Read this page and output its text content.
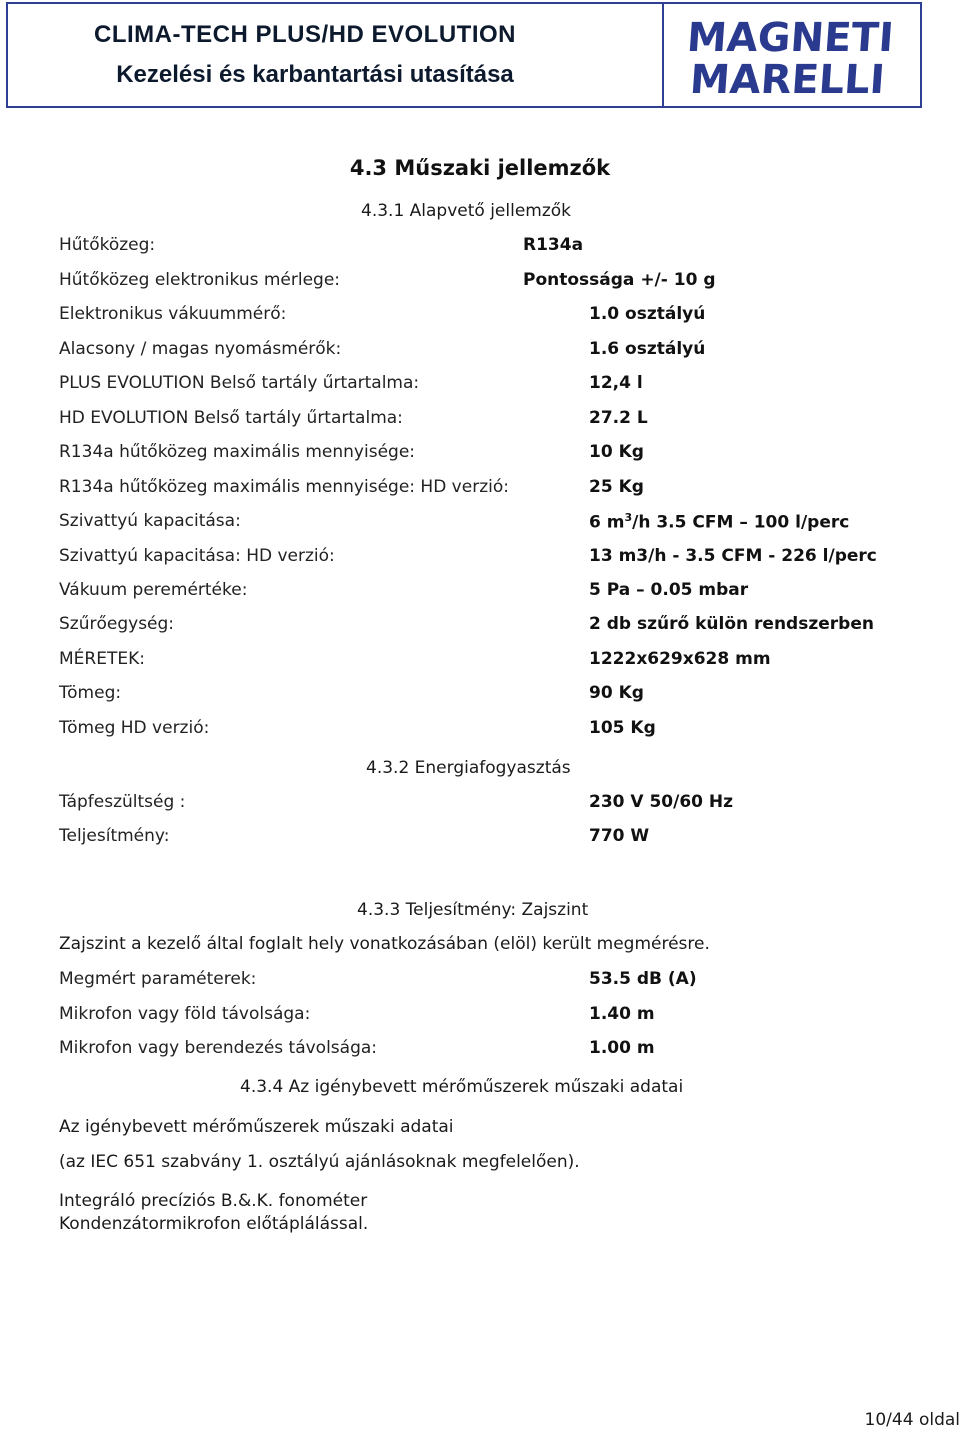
CLIMA-TECH PLUS/HD EVOLUTION
Kezelési és karbantartási utasítása
MAGNETI
MARELLI
4.3 Műszaki jellemzők
4.3.1 Alapvető jellemzők
Hűtőközeg:	R134a
Hűtőközeg elektronikus mérlege:	Pontossága +/- 10 g
Elektronikus vákuummérő:	1.0 osztályú
Alacsony / magas nyomásmérők:	1.6 osztályú
PLUS EVOLUTION Belső tartály űrtartalma:	12,4 l
HD EVOLUTION Belső tartály űrtartalma:	27.2 L
R134a hűtőközeg maximális mennyisége:	10 Kg
R134a hűtőközeg maximális mennyisége: HD verzió:	25 Kg
Szivattyú kapacitása:	6 $m^3/h$ 3.5 CFM – 100 l/perc
Szivattyú kapacitása: HD verzió:	13 m3/h - 3.5 CFM - 226 l/perc
Vákuum peremértéke:	5 Pa – 0.05 mbar
Szűrőegység:	2 db szűrő külön rendszerben
MÉRETEK:	1222x629x628 mm
Tömeg:	90 Kg
Tömeg HD verzió:	105 Kg
4.3.2 Energiafogyasztás
Tápfeszültség :	230 V 50/60 Hz
Teljesítmény:	770 W
4.3.3 Teljesítmény: Zajszint
Zajszint a kezelő által foglalt hely vonatkozásában (elöl) került megmérésre.
Megmért paraméterek:	53.5 dB (A)
Mikrofon vagy föld távolsága:	1.40 m
Mikrofon vagy berendezés távolsága:	1.00 m
4.3.4 Az igénybevett mérőműszerek műszaki adatai
Az igénybevett mérőműszerek műszaki adatai
(az IEC 651 szabvány 1. osztályú ajánlásoknak megfelelően).
Integráló precíziós B.&.K. fonométer
Kondenzátormikrofon előtáplálással.
10/44 oldal
